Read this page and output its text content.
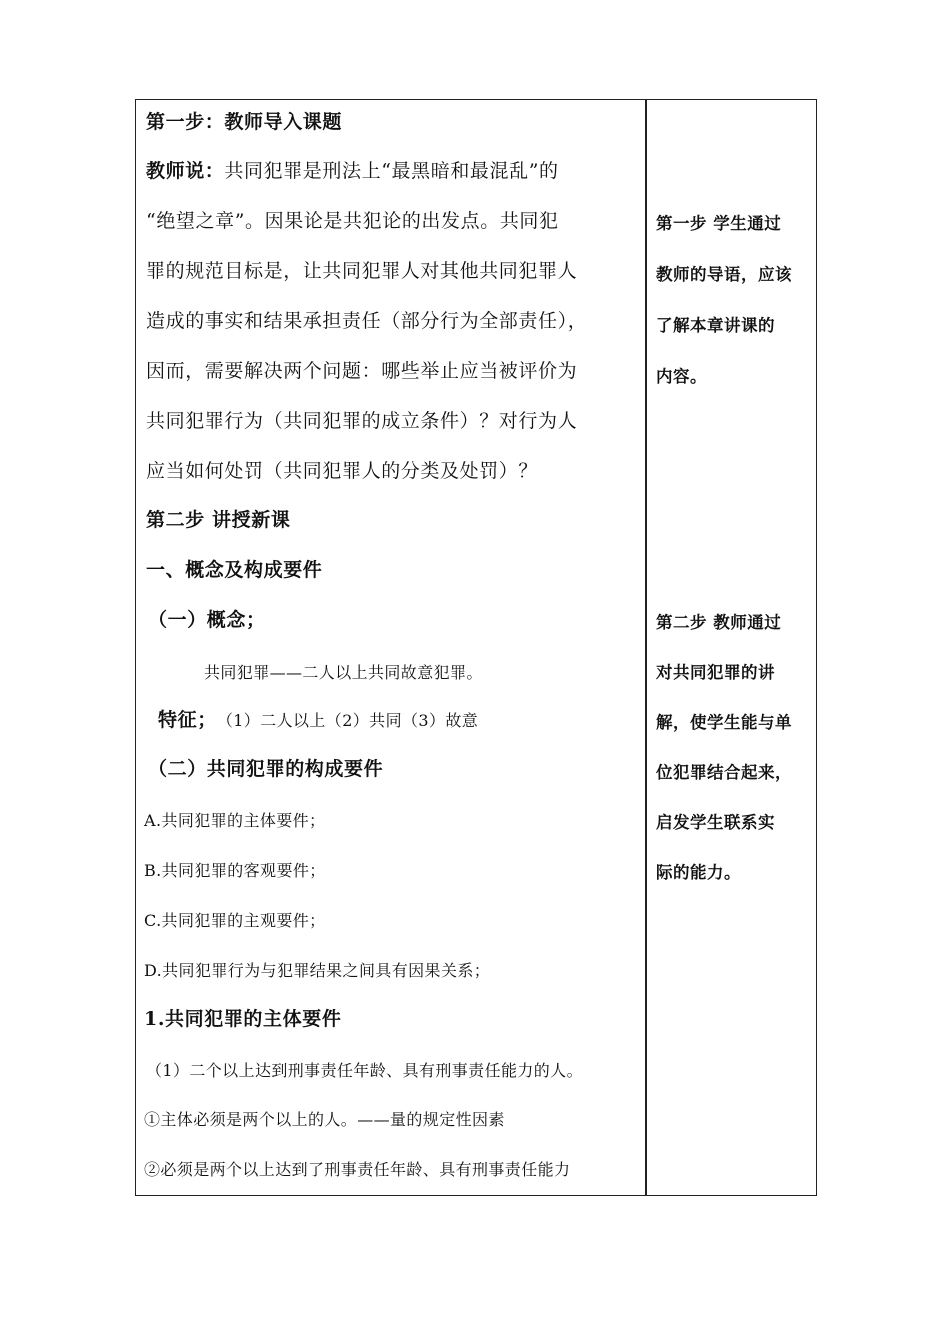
第一步：教师导入课题
教师说：共同犯罪是刑法上“最黑暗和最混乱”的
“绝望之章”。因果论是共犯论的出发点。共同犯
罪的规范目标是，让共同犯罪人对其他共同犯罪人
造成的事实和结果承担责任（部分行为全部责任），
因而，需要解决两个问题：哪些举止应当被评价为
共同犯罪行为（共同犯罪的成立条件）？对行为人
应当如何处罚（共同犯罪人的分类及处罚）？
第二步 讲授新课
一、概念及构成要件
（一）概念；
共同犯罪——二人以上共同故意犯罪。
特征； （1）二人以上（2）共同（3）故意
（二）共同犯罪的构成要件
A.共同犯罪的主体要件；
B.共同犯罪的客观要件；
C.共同犯罪的主观要件；
D.共同犯罪行为与犯罪结果之间具有因果关系；
1.共同犯罪的主体要件
（1）二个以上达到刑事责任年龄、具有刑事责任能力的人。
①主体必须是两个以上的人。——量的规定性因素
②必须是两个以上达到了刑事责任年龄、具有刑事责任能力
第一步 学生通过
教师的导语，应该
了解本章讲课的
内容。
第二步 教师通过
对共同犯罪的讲
解，使学生能与单
位犯罪结合起来，
启发学生联系实
际的能力。
